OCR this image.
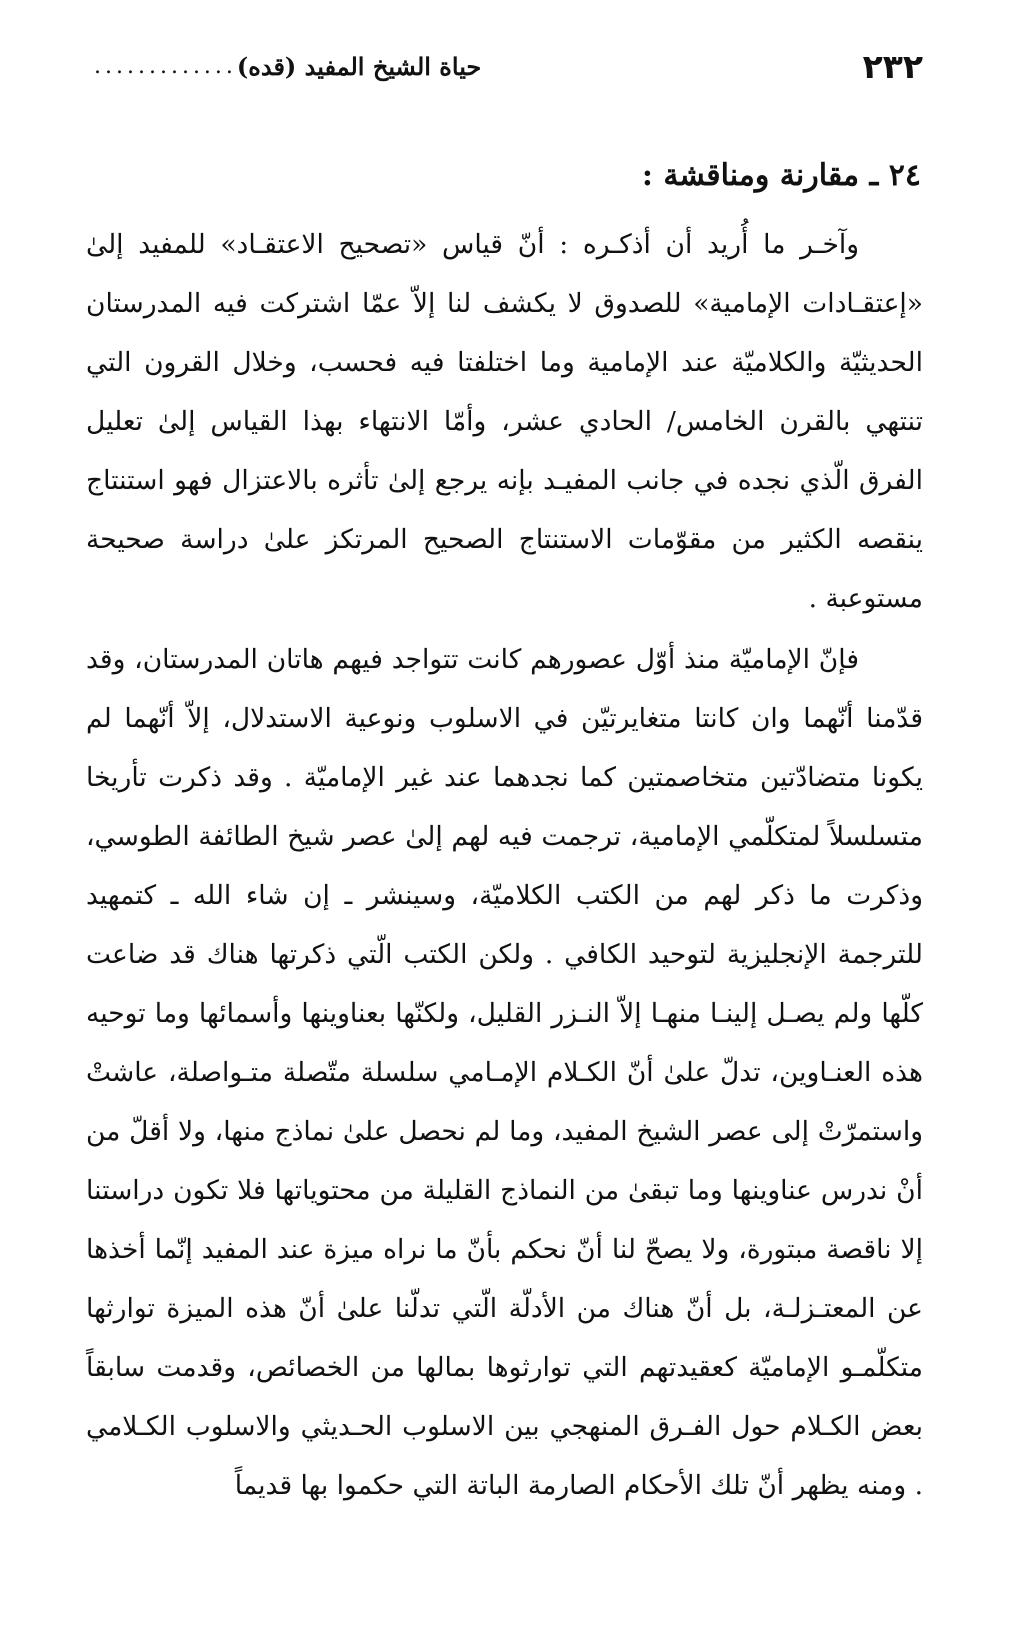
٢٣٢
حياة الشيخ المفيد (قده)
.............
٢٤ ـ مقارنة ومناقشة :

وآخـر ما أُريد أن أذكـره : أنّ قياس «تصحيح الاعتقـاد» للمفيد إلىٰ «إعتقـادات الإمامية» للصدوق لا يكشف لنا إلاّ عمّا اشتركت فيه المدرستان الحديثيّة والكلاميّة عند الإمامية وما اختلفتا فيه فحسب، وخلال القرون التي تنتهي بالقرن الخامس/ الحادي عشر، وأمّا الانتهاء بهذا القياس إلىٰ تعليل الفرق الّذي نجده في جانب المفيـد بإنه يرجع إلىٰ تأثره بالاعتزال فهو استنتاج ينقصه الكثير من مقوّمات الاستنتاج الصحيح المرتكز علىٰ دراسة صحيحة مستوعبة .

فإنّ الإماميّة منذ أوّل عصورهم كانت تتواجد فيهم هاتان المدرستان، وقد قدّمنا أنّهما وان كانتا متغايرتيّن في الاسلوب ونوعية الاستدلال، إلاّ أنّهما لم يكونا متضادّتين متخاصمتين كما نجدهما عند غير الإماميّة . وقد ذكرت تأريخا متسلسلاً لمتكلّمي الإمامية، ترجمت فيه لهم إلىٰ عصر شيخ الطائفة الطوسي، وذكرت ما ذكر لهم من الكتب الكلاميّة، وسينشر ـ إن شاء الله ـ كتمهيد للترجمة الإنجليزية لتوحيد الكافي . ولكن الكتب الّتي ذكرتها هناك قد ضاعت كلّها ولم يصـل إلينـا منهـا إلاّ النـزر القليل، ولكنّها بعناوينها وأسمائها وما توحيه هذه العنـاوين، تدلّ علىٰ أنّ الكـلام الإمـامي سلسلة متّصلة متـواصلة، عاشتْ واستمرّتْ إلى عصر الشيخ المفيد، وما لم نحصل علىٰ نماذج منها، ولا أقلّ من أنْ ندرس عناوينها وما تبقىٰ من النماذج القليلة من محتوياتها فلا تكون دراستنا إلا ناقصة مبتورة، ولا يصحّ لنا أنّ نحكم بأنّ ما نراه ميزة عند المفيد إنّما أخذها عن المعتـزلـة، بل أنّ هناك من الأدلّة الّتي تدلّنا علىٰ أنّ هذه الميزة توارثها متكلّمـو الإماميّة كعقيدتهم التي توارثوها بمالها من الخصائص، وقدمت سابقاً بعض الكـلام حول الفـرق المنهجي بين الاسلوب الحـديثي والاسلوب الكـلامي . ومنه يظهر أنّ تلك الأحكام الصارمة الباتة التي حكموا بها قديماً
